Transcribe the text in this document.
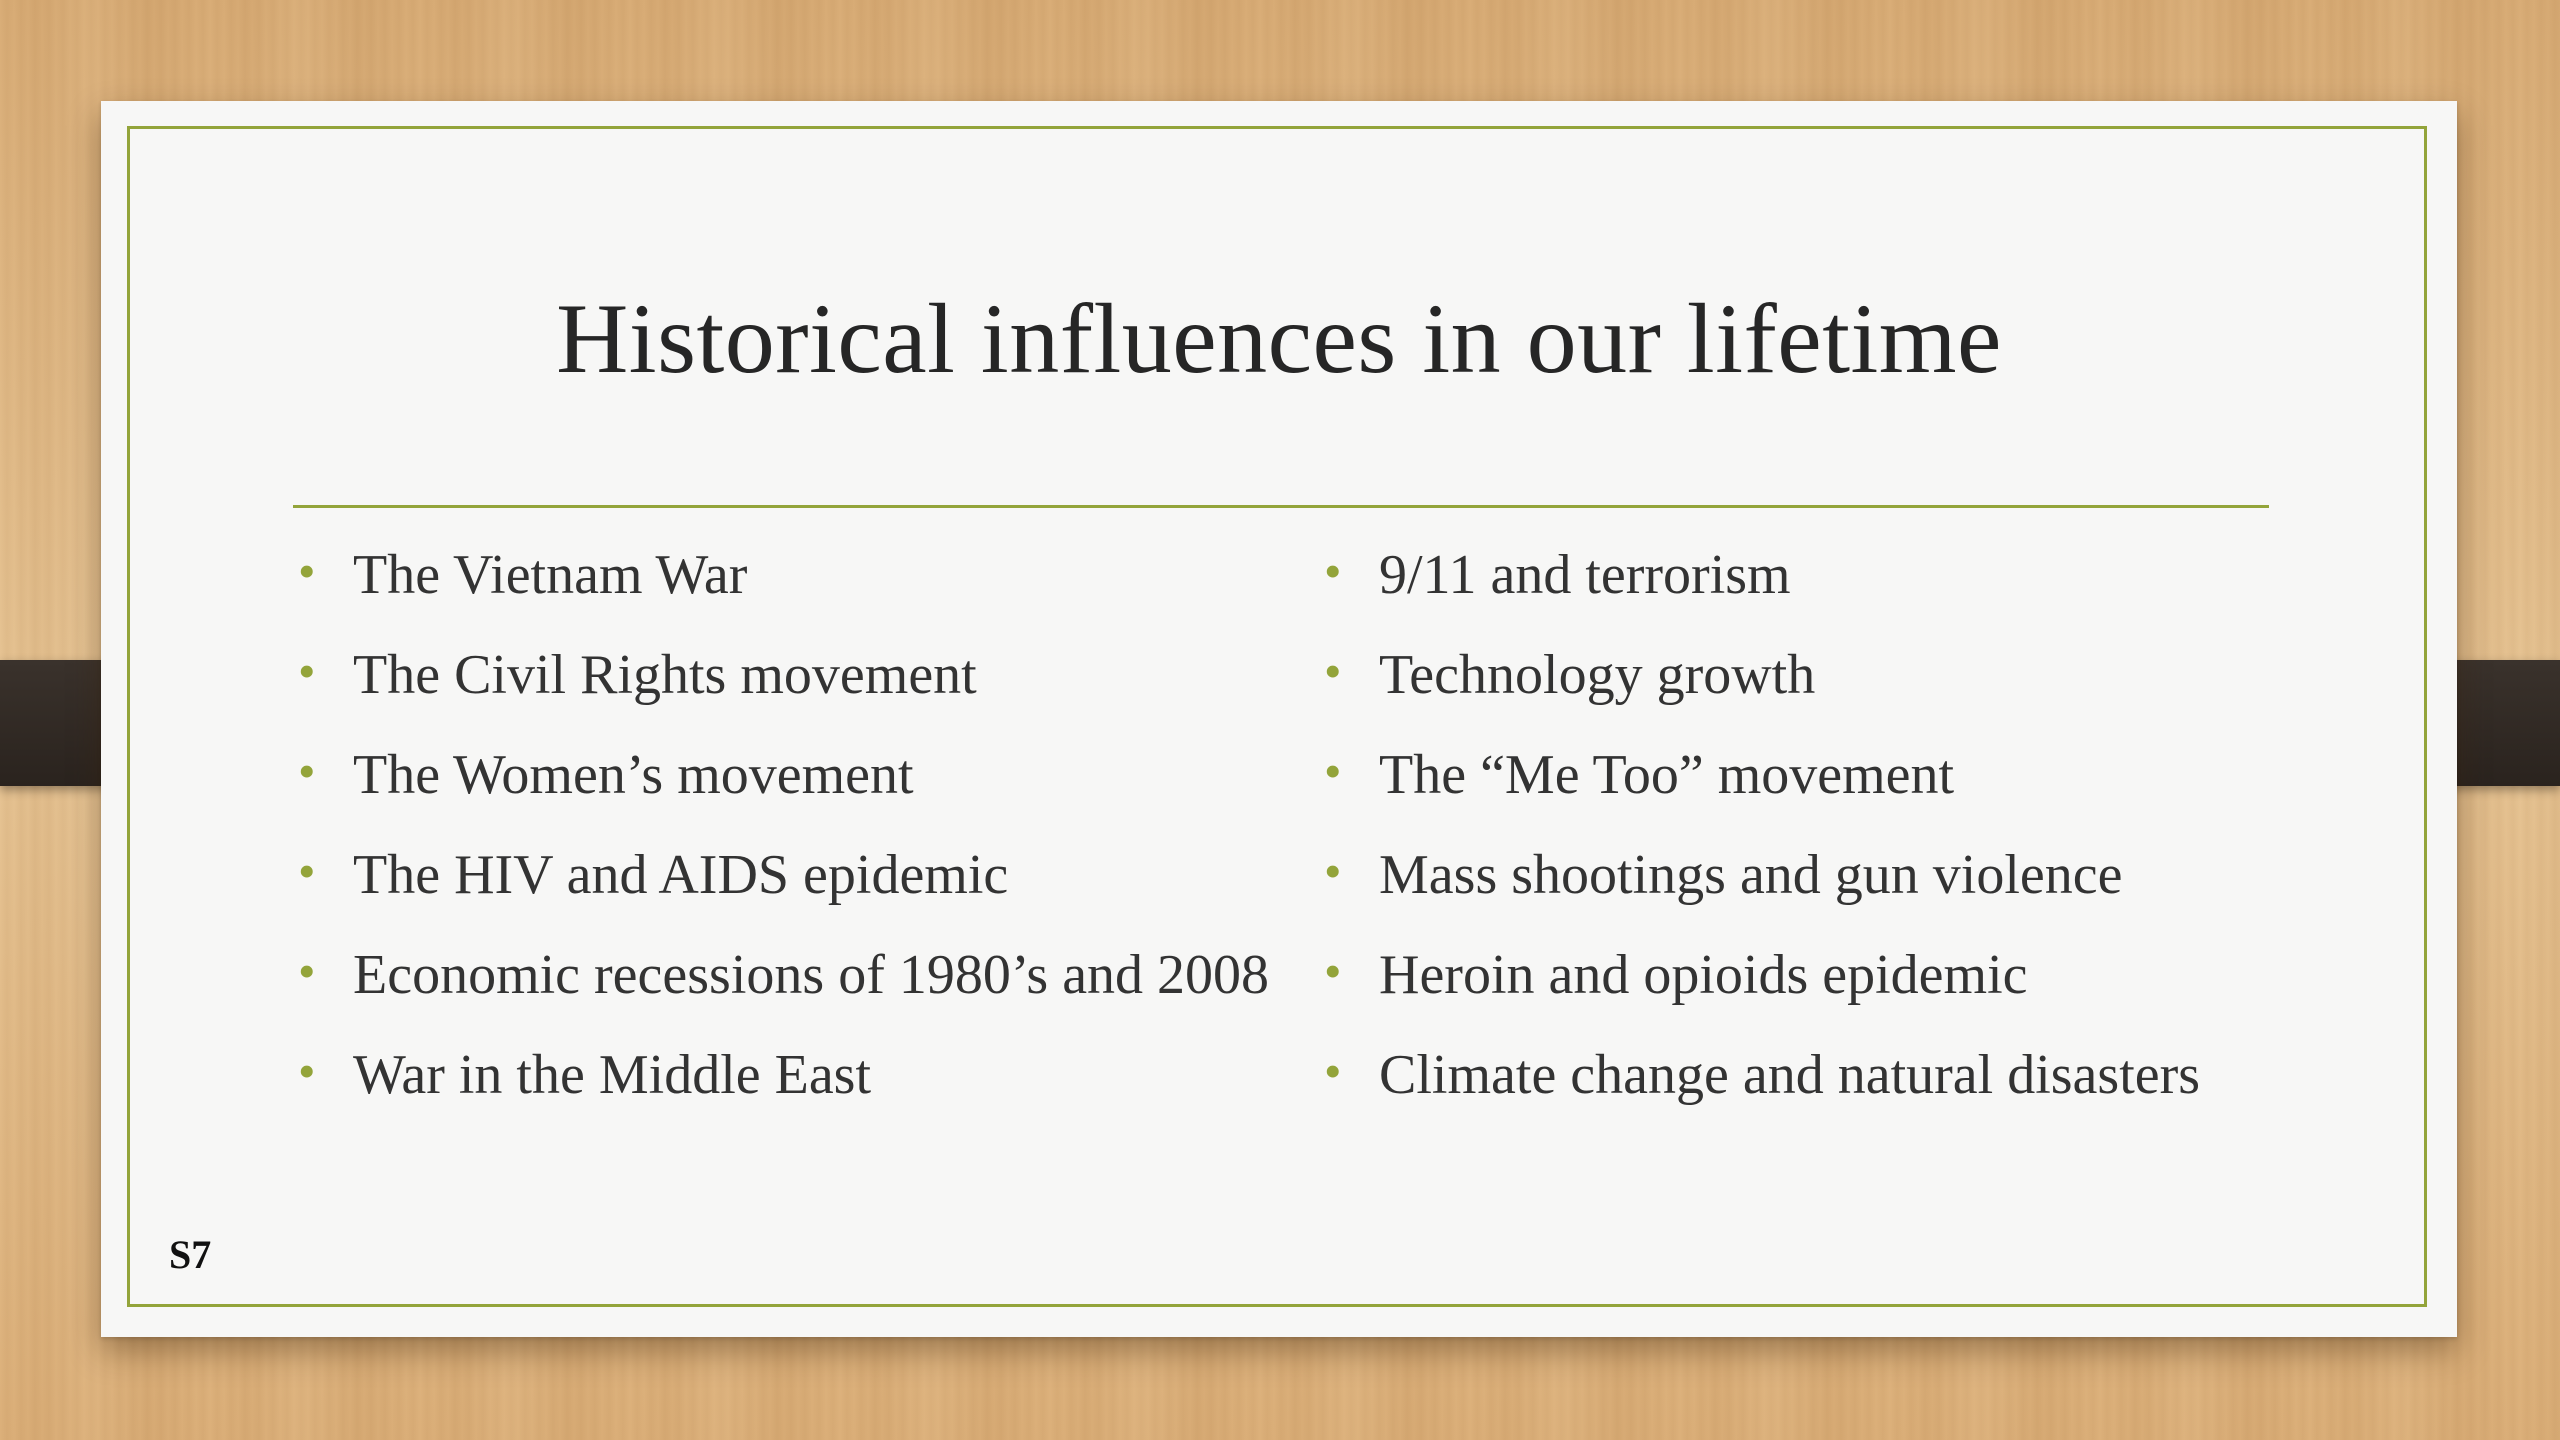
Historical influences in our lifetime
• The Vietnam War
• The Civil Rights movement
• The Women’s movement
• The HIV and AIDS epidemic
• Economic recessions of 1980’s and 2008
• War in the Middle East
• 9/11 and terrorism
• Technology growth
• The “Me Too” movement
• Mass shootings and gun violence
• Heroin and opioids epidemic
• Climate change and natural disasters
S7
